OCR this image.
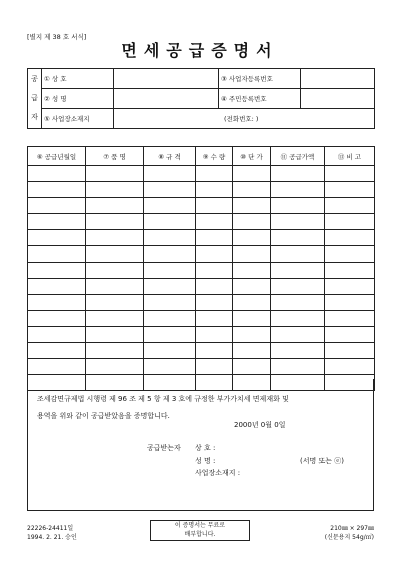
[별지 제 38 호 서식]
면세공급증명서
공
급
자	① 상 호		③ 사업자등록번호	
	② 성 명		④ 주민등록번호	
	⑤ 사업장소재지	(전화번호: )		
⑥ 공급년월일	⑦ 품 명	⑧ 규 격	⑨ 수 량	⑩ 단 가	⑪ 공급가액	⑬ 비 고

조세감면규제법 시행령 제 96 조 제 5 항 제 3 호에 규정한 부가가치세 면제재화 및
용역을 위와 같이 공급받았음을 증명합니다.
2000년 0월 0일
공급받는자 상 호 :
성 명 :
사업장소재지 :
(서명 또는 ⓔ)
22226-24411일
1994. 2. 21. 승인
이 증명서는 무료로
배부합니다.
210㎜ × 297㎜
(신문용지 54g/㎡)
